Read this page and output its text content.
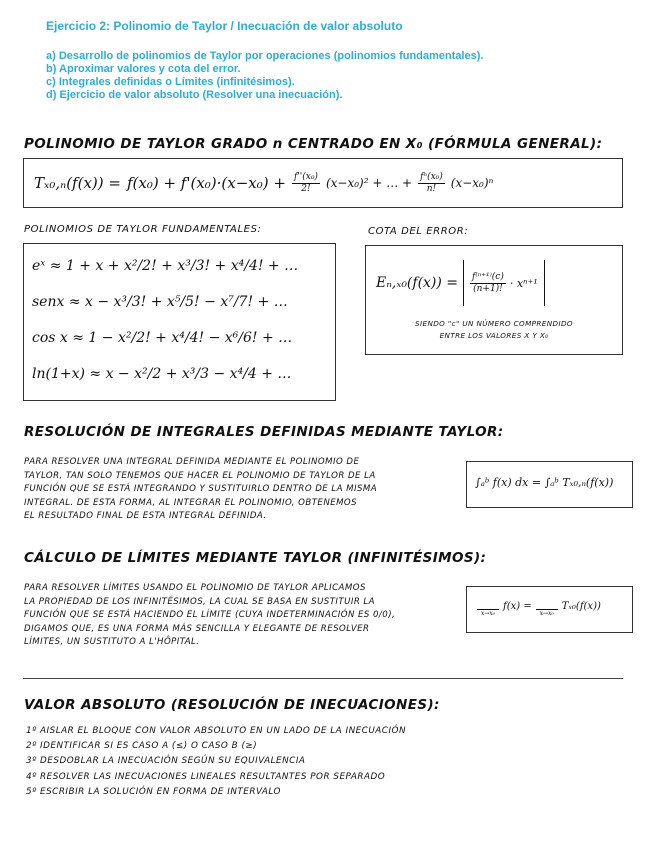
Ejercicio 2: Polinomio de Taylor / Inecuación de valor absoluto
a) Desarrollo de polinomios de Taylor por operaciones (polinomios fundamentales).
b) Aproximar valores y cota del error.
c) Integrales definidas o Límites (infinitésimos).
d) Ejercicio de valor absoluto (Resolver una inecuación).
POLINOMIO DE TAYLOR GRADO n CENTRADO EN X₀ (FÓRMULA GENERAL):
$T_{x0},_n(f(x)) = f(x_0) + f'(x_0)\cdot(x-x_0) + \frac{\text{f''(x₀)}}{2!} (x-x_0)^2$ + … + $\frac{\text{fⁿ(x₀)}}{n!} (x-x_0)^n$
POLINOMIOS DE TAYLOR FUNDAMENTALES:
eˣ ≈ 1 + x + x²/2! + x³/3! + x⁴/4! + …
senx ≈ x − x³/3! + x⁵/5! − x⁷/7! + …
cos x ≈ 1 − x²/2! + x⁴/4! − x⁶/6! + …
ln(1+x) ≈ x − x²/2 + x³/3 − x⁴/4 + …
COTA DEL ERROR:
$E_n,_{x0}(f(x)) = \frac{\text{f⁽ⁿ⁺¹⁾(c)}}{(n+1)!} \cdot x^{n+1}$
SIENDO "c" UN NÚMERO COMPRENDIDO
ENTRE LOS VALORES X Y X₀
RESOLUCIÓN DE INTEGRALES DEFINIDAS MEDIANTE TAYLOR:
PARA RESOLVER UNA INTEGRAL DEFINIDA MEDIANTE EL POLINOMIO DE
TAYLOR, TAN SOLO TENEMOS QUE HACER EL POLINOMIO DE TAYLOR DE LA
FUNCIÓN QUE SE ESTÁ INTEGRANDO Y SUSTITUIRLO DENTRO DE LA MISMA
INTEGRAL. DE ESTA FORMA, AL INTEGRAR EL POLINOMIO, OBTENEMOS
EL RESULTADO FINAL DE ESTA INTEGRAL DEFINIDA.
∫ₐᵇ f(x) dx = ∫ₐᵇ Tₓ₀,ₙ(f(x))
CÁLCULO DE LÍMITES MEDIANTE TAYLOR (INFINITÉSIMOS):
PARA RESOLVER LÍMITES USANDO EL POLINOMIO DE TAYLOR APLICAMOS
LA PROPIEDAD DE LOS INFINITÉSIMOS, LA CUAL SE BASA EN SUSTITUIR LA
FUNCIÓN QUE SE ESTÁ HACIENDO EL LÍMITE (CUYA INDETERMINACIÓN ES 0/0),
DIGAMOS QUE, ES UNA FORMA MÁS SENCILLA Y ELEGANTE DE RESOLVER
LÍMITES, UN SUSTITUTO A L'HÔPITAL.
x→x₀
f(x) =
x→x₀
Tₓ₀(f(x))
VALOR ABSOLUTO (RESOLUCIÓN DE INECUACIONES):
1º AISLAR EL BLOQUE CON VALOR ABSOLUTO EN UN LADO DE LA INECUACIÓN
2º IDENTIFICAR SI ES CASO A (≤) O CASO B (≥)
3º DESDOBLAR LA INECUACIÓN SEGÚN SU EQUIVALENCIA
4º RESOLVER LAS INECUACIONES LINEALES RESULTANTES POR SEPARADO
5º ESCRIBIR LA SOLUCIÓN EN FORMA DE INTERVALO
